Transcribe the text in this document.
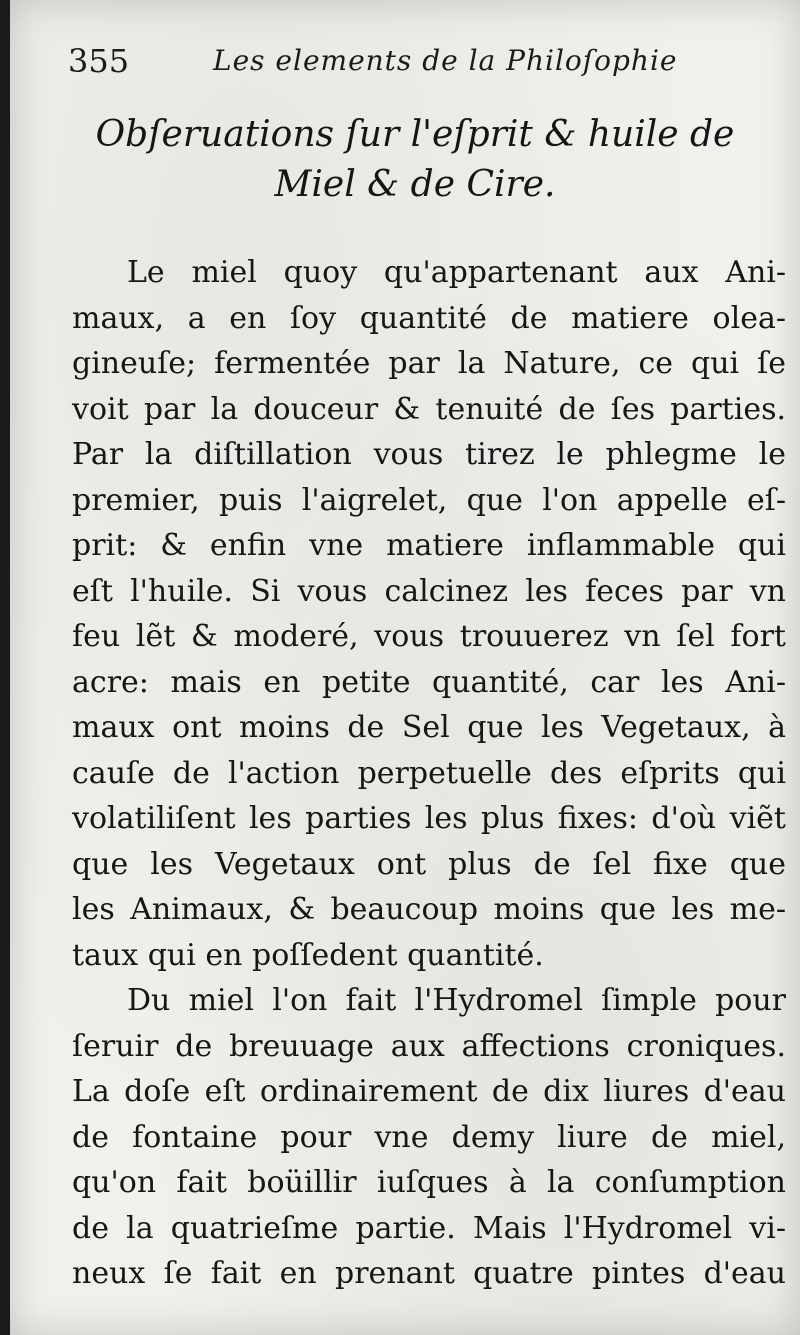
355	Les elements de la Philoſophie
Obſeruations ſur l'eſprit & huile de
Miel & de Cire.
Le miel quoy qu'appartenant aux Ani-
maux, a en ſoy quantité de matiere olea-
gineuſe; fermentée par la Nature, ce qui ſe
voit par la douceur & tenuité de ſes parties.
Par la diſtillation vous tirez le phlegme le
premier, puis l'aigrelet, que l'on appelle eſ-
prit: & enfin vne matiere inflammable qui
eſt l'huile. Si vous calcinez les feces par vn
feu lẽt & moderé, vous trouuerez vn ſel fort
acre: mais en petite quantité, car les Ani-
maux ont moins de Sel que les Vegetaux, à
cauſe de l'action perpetuelle des eſprits qui
volatiliſent les parties les plus fixes: d'où viẽt
que les Vegetaux ont plus de ſel fixe que
les Animaux, & beaucoup moins que les me-
taux qui en poſſedent quantité.
Du miel l'on fait l'Hydromel ſimple pour
ſeruir de breuuage aux affections croniques.
La doſe eſt ordinairement de dix liures d'eau
de fontaine pour vne demy liure de miel,
qu'on fait boüillir iuſques à la conſumption
de la quatrieſme partie. Mais l'Hydromel vi-
neux ſe fait en prenant quatre pintes d'eau
